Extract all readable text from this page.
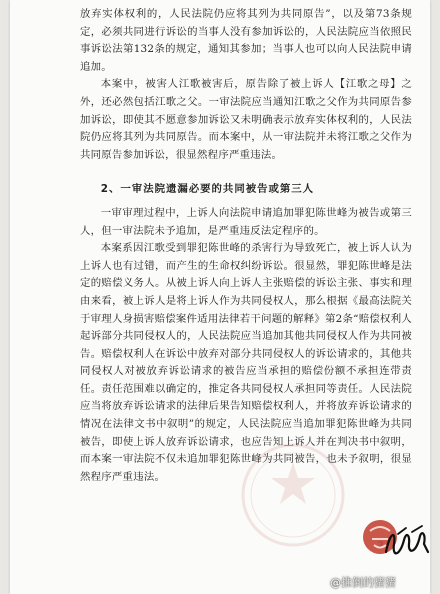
放弃实体权利的，人民法院仍应将其列为共同原告”，以及第73条规定，必须共同进行诉讼的当事人没有参加诉讼的，人民法院应当依照民事诉讼法第132条的规定，通知其参加；当事人也可以向人民法院申请追加。

本案中，被害人江歌被害后，原告除了被上诉人【江歌之母】之外，还必然包括江歌之父。一审法院应当通知江歌之父作为共同原告参加诉讼，即使其不愿意参加诉讼又未明确表示放弃实体权利的，人民法院仍应将其列为共同原告。而本案中，从一审法院并未将江歌之父作为共同原告参加诉讼，很显然程序严重违法。

2、一审法院遗漏必要的共同被告或第三人

一审审理过程中，上诉人向法院申请追加罪犯陈世峰为被告或第三人，但一审法院未予追加，是严重违反法定程序的。

本案系因江歌受到罪犯陈世峰的杀害行为导致死亡，被上诉人认为上诉人也有过错，而产生的生命权纠纷诉讼。很显然，罪犯陈世峰是法定的赔偿义务人。从被上诉人向上诉人主张赔偿的诉讼主张、事实和理由来看，被上诉人是将上诉人作为共同侵权人，那么根据《最高法院关于审理人身损害赔偿案件适用法律若干问题的解释》第2条“赔偿权利人起诉部分共同侵权人的，人民法院应当追加其他共同侵权人作为共同被告。赔偿权利人在诉讼中放弃对部分共同侵权人的诉讼请求的，其他共同侵权人对被放弃诉讼请求的被告应当承担的赔偿份额不承担连带责任。责任范围难以确定的，推定各共同侵权人承担同等责任。人民法院应当将放弃诉讼请求的法律后果告知赔偿权利人，并将放弃诉讼请求的情况在法律文书中叙明”的规定，人民法院应当追加罪犯陈世峰为共同被告，即使上诉人放弃诉讼请求，也应告知上诉人并在判决书中叙明，而本案一审法院不仅未追加罪犯陈世峰为共同被告，也未予叙明，很显然程序严重违法。

@推倒的猪猪
